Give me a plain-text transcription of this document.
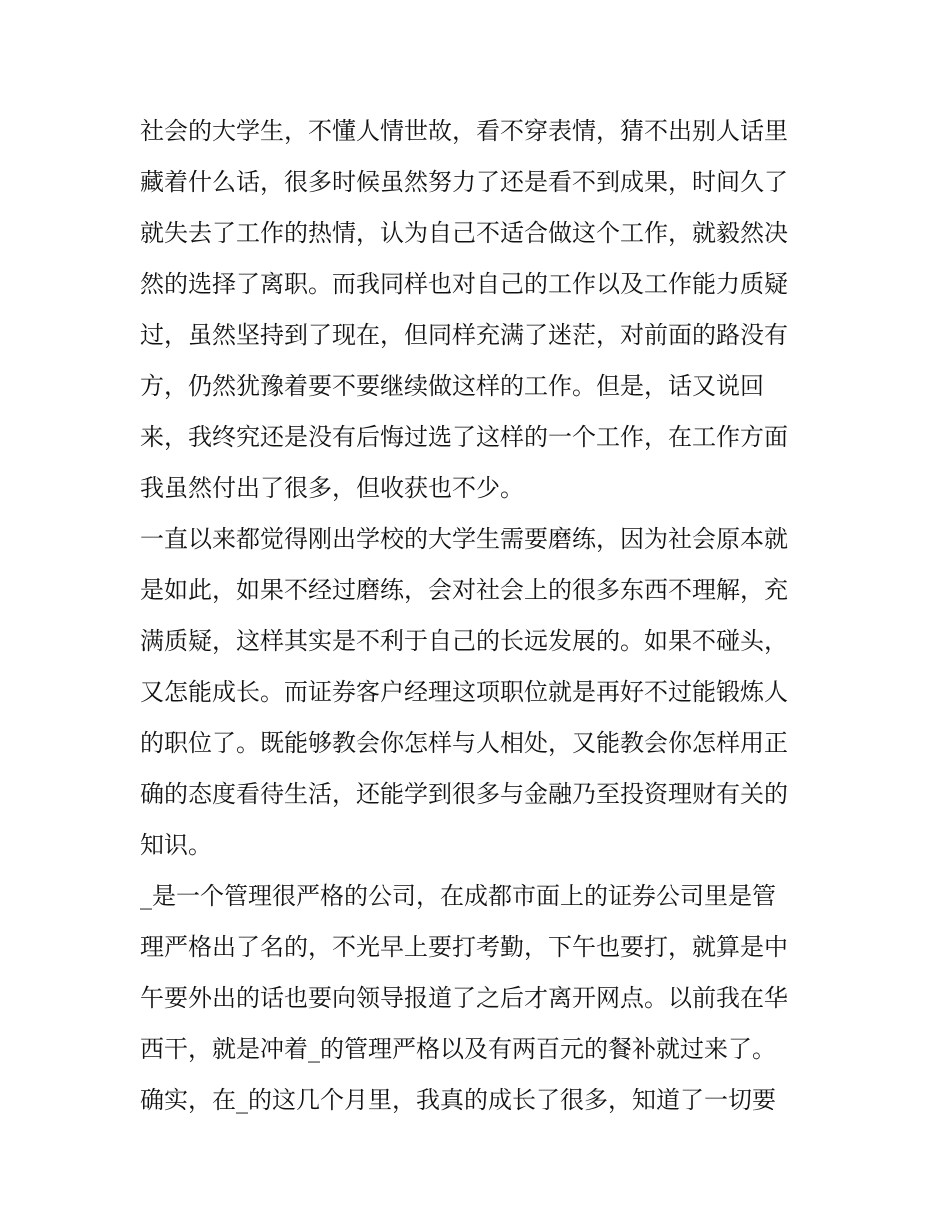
社会的大学生，不懂人情世故，看不穿表情，猜不出别人话里
藏着什么话，很多时候虽然努力了还是看不到成果，时间久了
就失去了工作的热情，认为自己不适合做这个工作，就毅然决
然的选择了离职。而我同样也对自己的工作以及工作能力质疑
过，虽然坚持到了现在，但同样充满了迷茫，对前面的路没有
方，仍然犹豫着要不要继续做这样的工作。但是，话又说回
来，我终究还是没有后悔过选了这样的一个工作，在工作方面
我虽然付出了很多，但收获也不少。
一直以来都觉得刚出学校的大学生需要磨练，因为社会原本就
是如此，如果不经过磨练，会对社会上的很多东西不理解，充
满质疑，这样其实是不利于自己的长远发展的。如果不碰头，
又怎能成长。而证券客户经理这项职位就是再好不过能锻炼人
的职位了。既能够教会你怎样与人相处，又能教会你怎样用正
确的态度看待生活，还能学到很多与金融乃至投资理财有关的
知识。
_是一个管理很严格的公司，在成都市面上的证券公司里是管
理严格出了名的，不光早上要打考勤，下午也要打，就算是中
午要外出的话也要向领导报道了之后才离开网点。以前我在华
西干，就是冲着_的管理严格以及有两百元的餐补就过来了。
确实，在_的这几个月里，我真的成长了很多，知道了一切要
